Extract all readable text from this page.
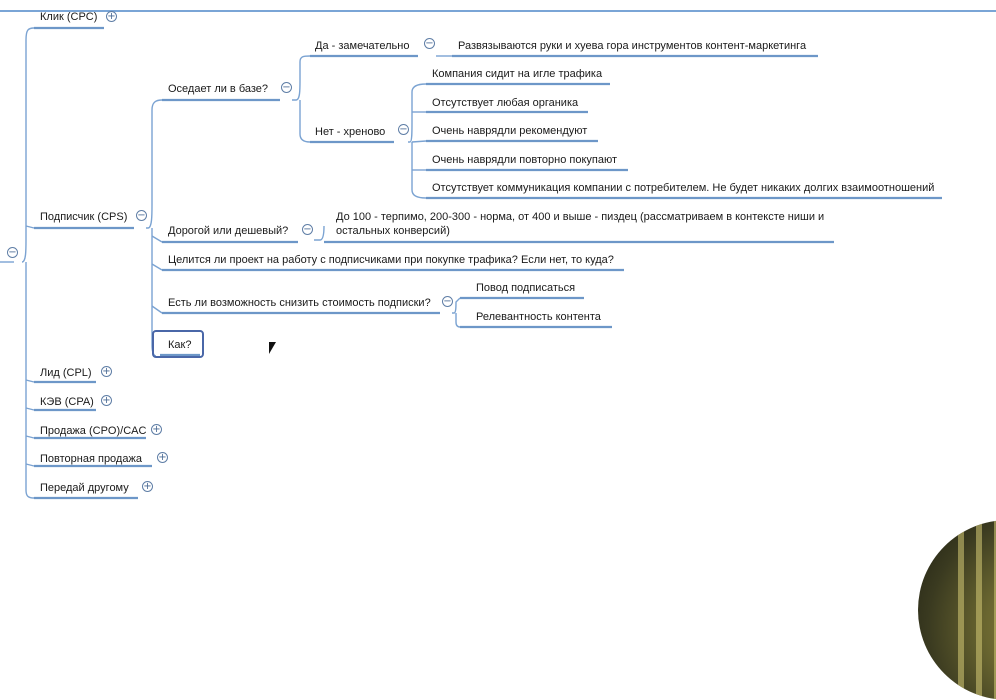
−
Клик (CPC) +
Подписчик (CPS) −
Оседает ли в базе? −
Да - замечательно − Развязываются руки и хуева гора инструментов контент-маркетинга
Нет - хреново −
Компания сидит на игле трафика
Отсутствует любая органика
Очень наврядли рекомендуют
Очень наврядли повторно покупают
Отсутствует коммуникация компании с потребителем. Не будет никаких долгих взаимоотношений
Дорогой или дешевый? −
До 100 - терпимо, 200-300 - норма, от 400 и выше - пиздец (рассматриваем в контексте ниши и
остальных конверсий)
Целится ли проект на работу с подписчиками при покупке трафика? Если нет, то куда?
Есть ли возможность снизить стоимость подписки? −
Повод подписаться
Релевантность контента
Как?
Лид (CPL) +
КЭВ (CPA) +
Продажа (CPO)/CAC +
Повторная продажа +
Передай другому +
